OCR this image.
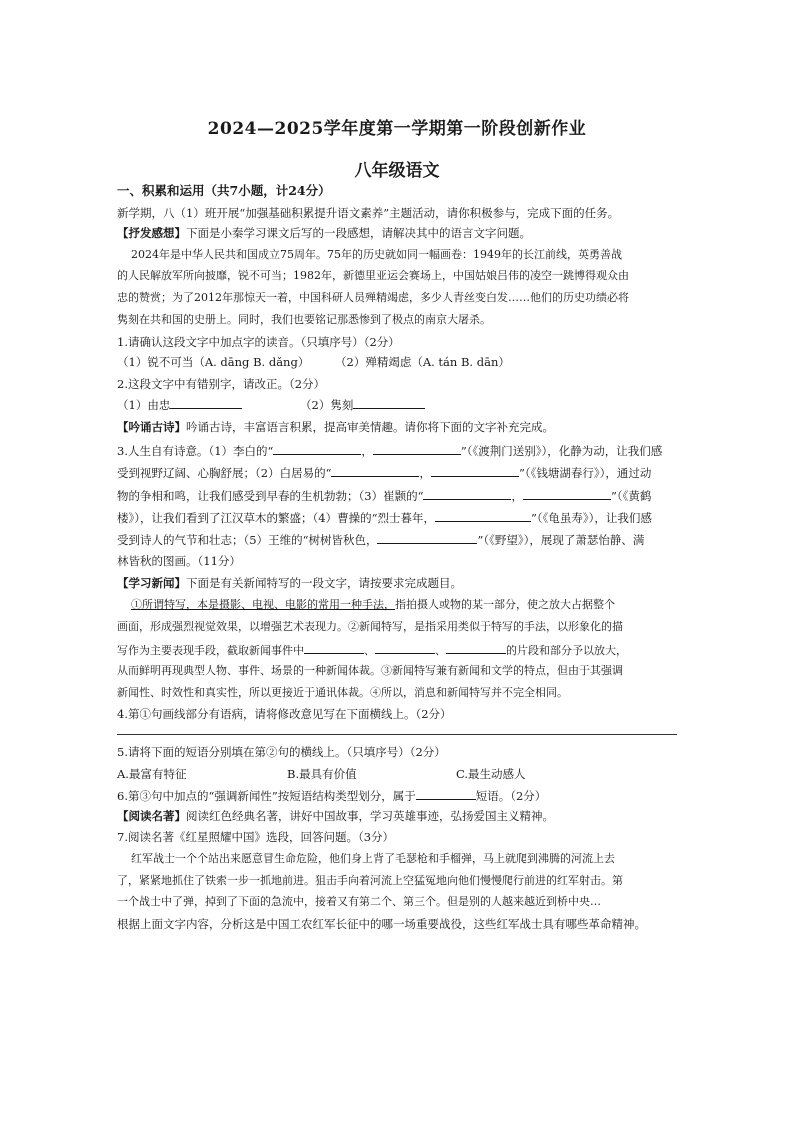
2024—2025学年度第一学期第一阶段创新作业
八年级语文
一、积累和运用（共7小题，计24分）
新学期，八（1）班开展“加强基础积累提升语文素养”主题活动，请你积极参与，完成下面的任务。
【抒发感想】下面是小秦学习课文后写的一段感想，请解决其中的语言文字问题。
2024年是中华人民共和国成立75周年。75年的历史就如同一幅画卷：1949年的长江前线，英勇善战
的人民解放军所向披靡，锐不可当；1982年，新德里亚运会赛场上，中国姑娘吕伟的凌空一跳博得观众由
忠的赞赏；为了2012年那惊天一着，中国科研人员殚精竭虑，多少人青丝变白发……他们的历史功绩必将
隽刻在共和国的史册上。同时，我们也要铭记那悉惨到了极点的南京大屠杀。
1.请确认这段文字中加点字的读音。（只填序号）（2分）
（1）锐不可当（A. dāng B. dǎng） （2）殚精竭虑（A. tán B. dān）
2.这段文字中有错别字，请改正。（2分）
（1）由忠	（2）隽刻
【吟诵古诗】吟诵古诗，丰富语言积累，提高审美情趣。请你将下面的文字补充完成。
3.人生自有诗意。（1）李白的“	，	”（《渡荆门送别》），化静为动，让我们感
受到视野辽阔、心胸舒展；（2）白居易的“	，	”（《钱塘湖春行》），通过动
物的争相和鸣，让我们感受到早春的生机勃勃；（3）崔颢的“	，	”（《黄鹤
楼》），让我们看到了江汉草木的繁盛；（4）曹操的“烈士暮年，	”（《龟虽寿》），让我们感
受到诗人的气节和壮志；（5）王维的“树树皆秋色，	”（《野望》），展现了萧瑟怡静、满
林皆秋的图画。（11分）
【学习新闻】下面是有关新闻特写的一段文字，请按要求完成题目。
①所谓特写，本是摄影、电视、电影的常用一种手法，指拍摄人或物的某一部分，使之放大占据整个
画面，形成强烈视觉效果，以增强艺术表现力。②新闻特写，是指采用类似于特写的手法，以形象化的描
写作为主要表现手段，截取新闻事件中	、	、	的片段和部分予以放大，
从而鲜明再现典型人物、事件、场景的一种新闻体裁。③新闻特写兼有新闻和文学的特点，但由于其强调
新闻性、时效性和真实性，所以更接近于通讯体裁。④所以，消息和新闻特写并不完全相同。
4.第①句画线部分有语病，请将修改意见写在下面横线上。（2分）
5.请将下面的短语分别填在第②句的横线上。（只填序号）（2分）
A.最富有特征	B.最具有价值	C.最生动感人
6.第③句中加点的“强调新闻性”按短语结构类型划分，属于	短语。（2分）
【阅读名著】阅读红色经典名著，讲好中国故事，学习英雄事迹，弘扬爱国主义精神。
7.阅读名著《红星照耀中国》选段，回答问题。（3分）
红军战士一个个站出来愿意冒生命危险，他们身上背了毛瑟枪和手榴弹，马上就爬到沸腾的河流上去
了，紧紧地抓住了铁索一步一抓地前进。狙击手向着河流上空猛冤地向他们慢慢爬行前进的红军射击。第
一个战士中了弹，掉到了下面的急流中，接着又有第二个、第三个。但是别的人越来越近到桥中央…
根据上面文字内容，分析这是中国工农红军长征中的哪一场重要战役，这些红军战士具有哪些革命精神。
